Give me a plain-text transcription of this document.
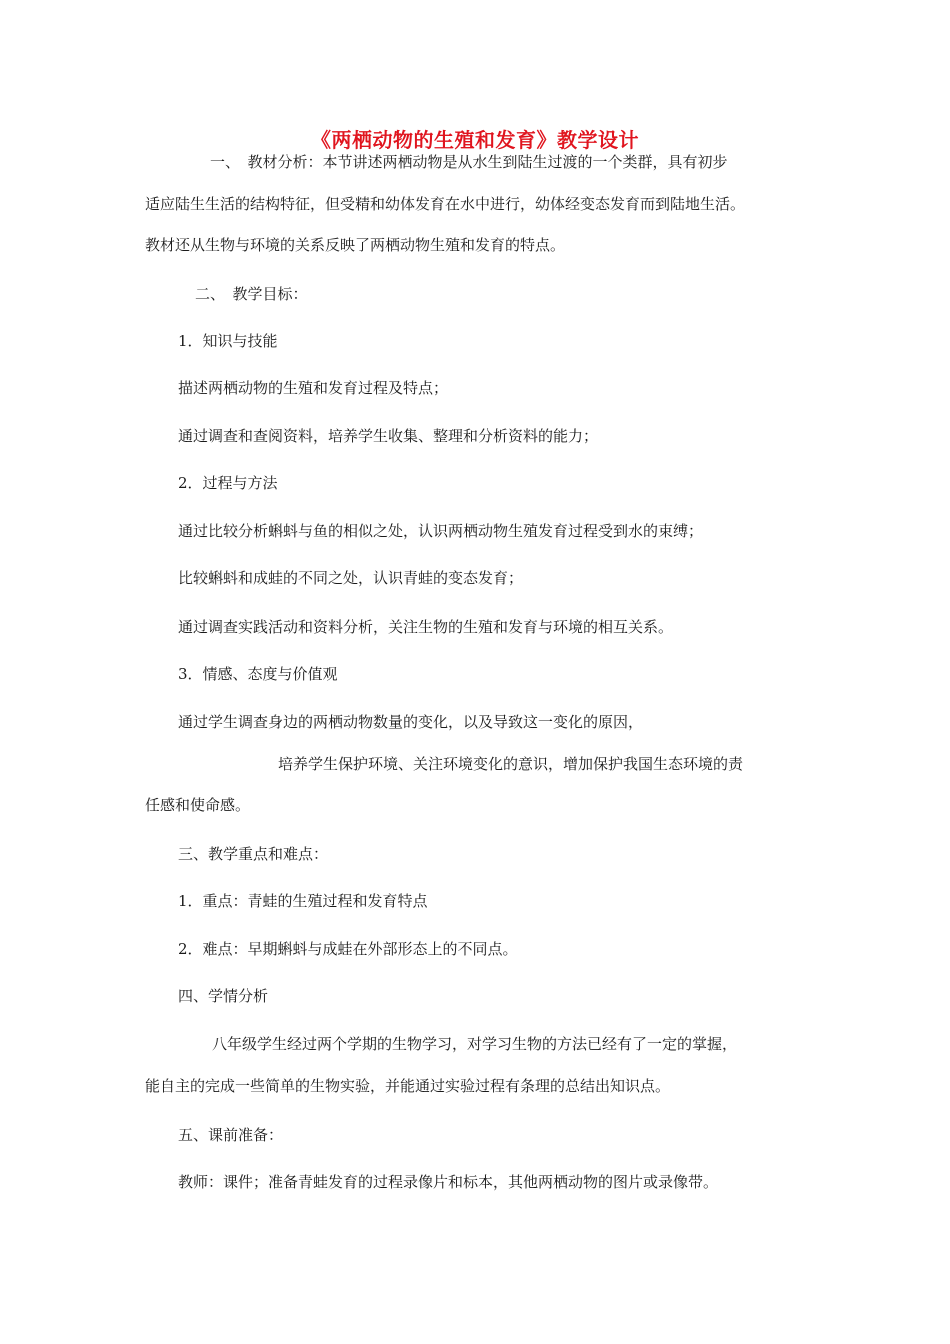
《两栖动物的生殖和发育》教学设计
一、　教材分析：本节讲述两栖动物是从水生到陆生过渡的一个类群，具有初步
适应陆生生活的结构特征，但受精和幼体发育在水中进行，幼体经变态发育而到陆地生活。
教材还从生物与环境的关系反映了两栖动物生殖和发育的特点。
二、　教学目标：
1．知识与技能
描述两栖动物的生殖和发育过程及特点；
通过调查和查阅资料，培养学生收集、整理和分析资料的能力；
2．过程与方法
通过比较分析蝌蚪与鱼的相似之处，认识两栖动物生殖发育过程受到水的束缚；
比较蝌蚪和成蛙的不同之处，认识青蛙的变态发育；
通过调查实践活动和资料分析，关注生物的生殖和发育与环境的相互关系。
3．情感、态度与价值观
通过学生调查身边的两栖动物数量的变化，以及导致这一变化的原因，
培养学生保护环境、关注环境变化的意识，增加保护我国生态环境的责
任感和使命感。
三、教学重点和难点：
1．重点：青蛙的生殖过程和发育特点
2．难点：早期蝌蚪与成蛙在外部形态上的不同点。
四、学情分析
八年级学生经过两个学期的生物学习，对学习生物的方法已经有了一定的掌握，
能自主的完成一些简单的生物实验，并能通过实验过程有条理的总结出知识点。
五、课前准备：
教师：课件；准备青蛙发育的过程录像片和标本，其他两栖动物的图片或录像带。
